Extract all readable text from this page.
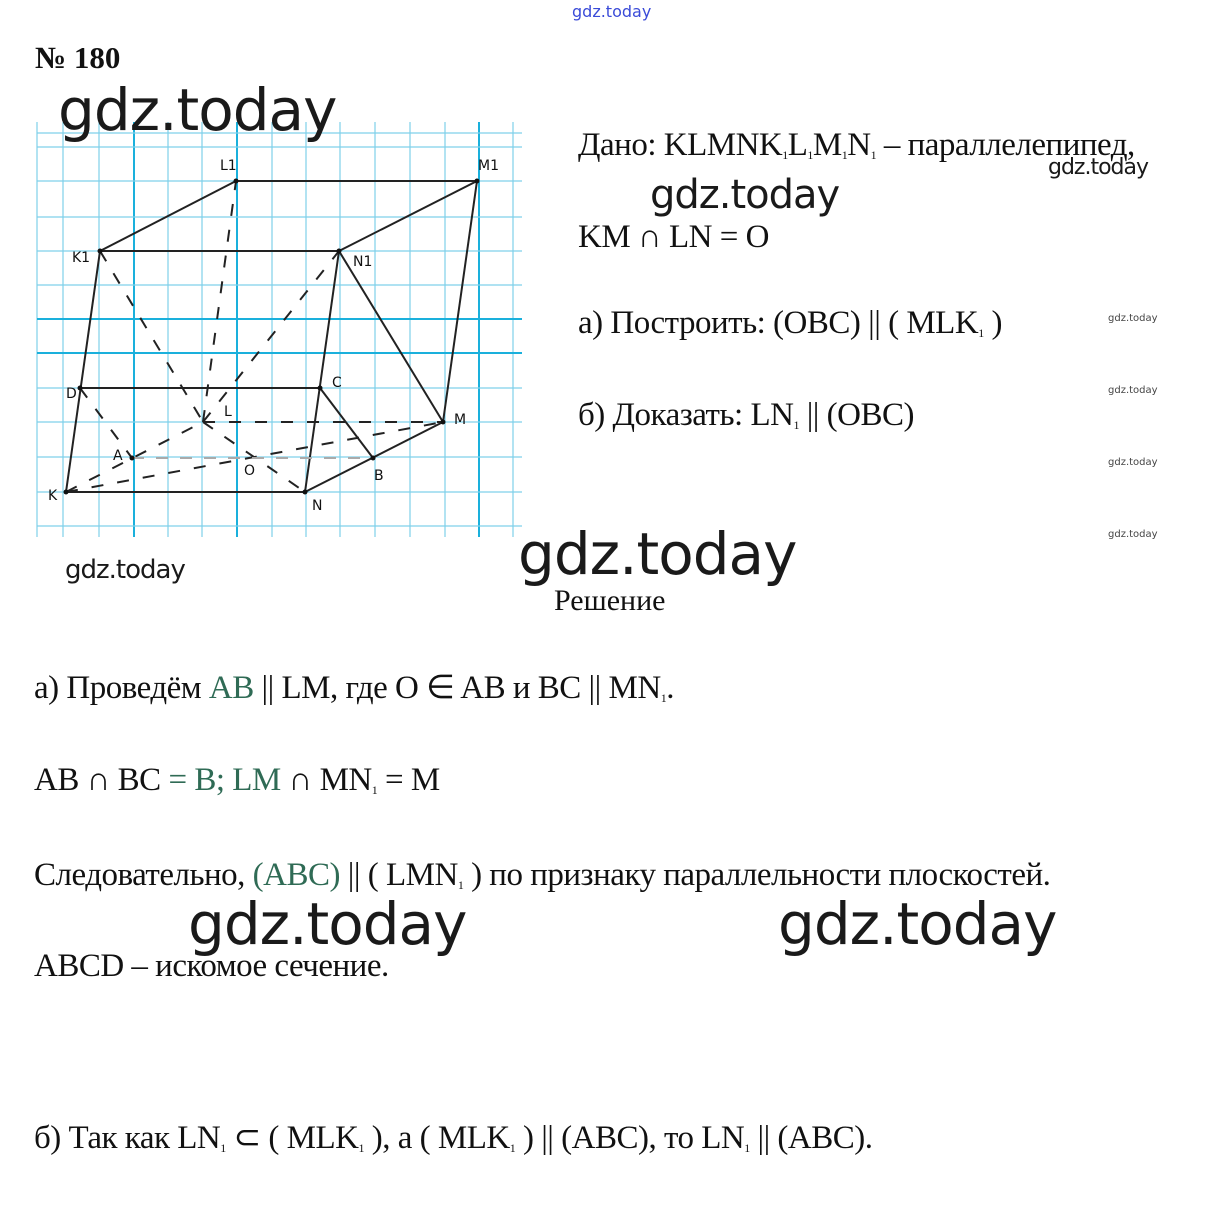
gdz.today
№ 180
L1	M1
K1	N1
D
C
L	M
A
O	B
K
N
Дано: $KLMNK_1L_1M_1N_1$ – параллелепипед,
KM ∩ LN = O
а) Построить: (OBC) || ( $MLK_1$ )
б) Доказать: $LN_1$ || (OBC)
Решение
а) Проведём AB || LM, где O ∈ AB и BC || $MN_1$.
AB ∩ BC = B; LM ∩ $MN_1 = M$
Следовательно, (ABC) || ( $LMN_1$ ) по признаку параллельности плоскостей.
ABCD – искомое сечение.
б) Так как $LN_1$ ⊂ ( $MLK_1$ ), а ( $MLK_1$ ) || (ABC), то $LN_1$ || (ABC).
gdz.today
gdz.today
gdz.today
gdz.today
gdz.today
gdz.today
gdz.today
gdz.today
gdz.today
gdz.today	gdz.today
